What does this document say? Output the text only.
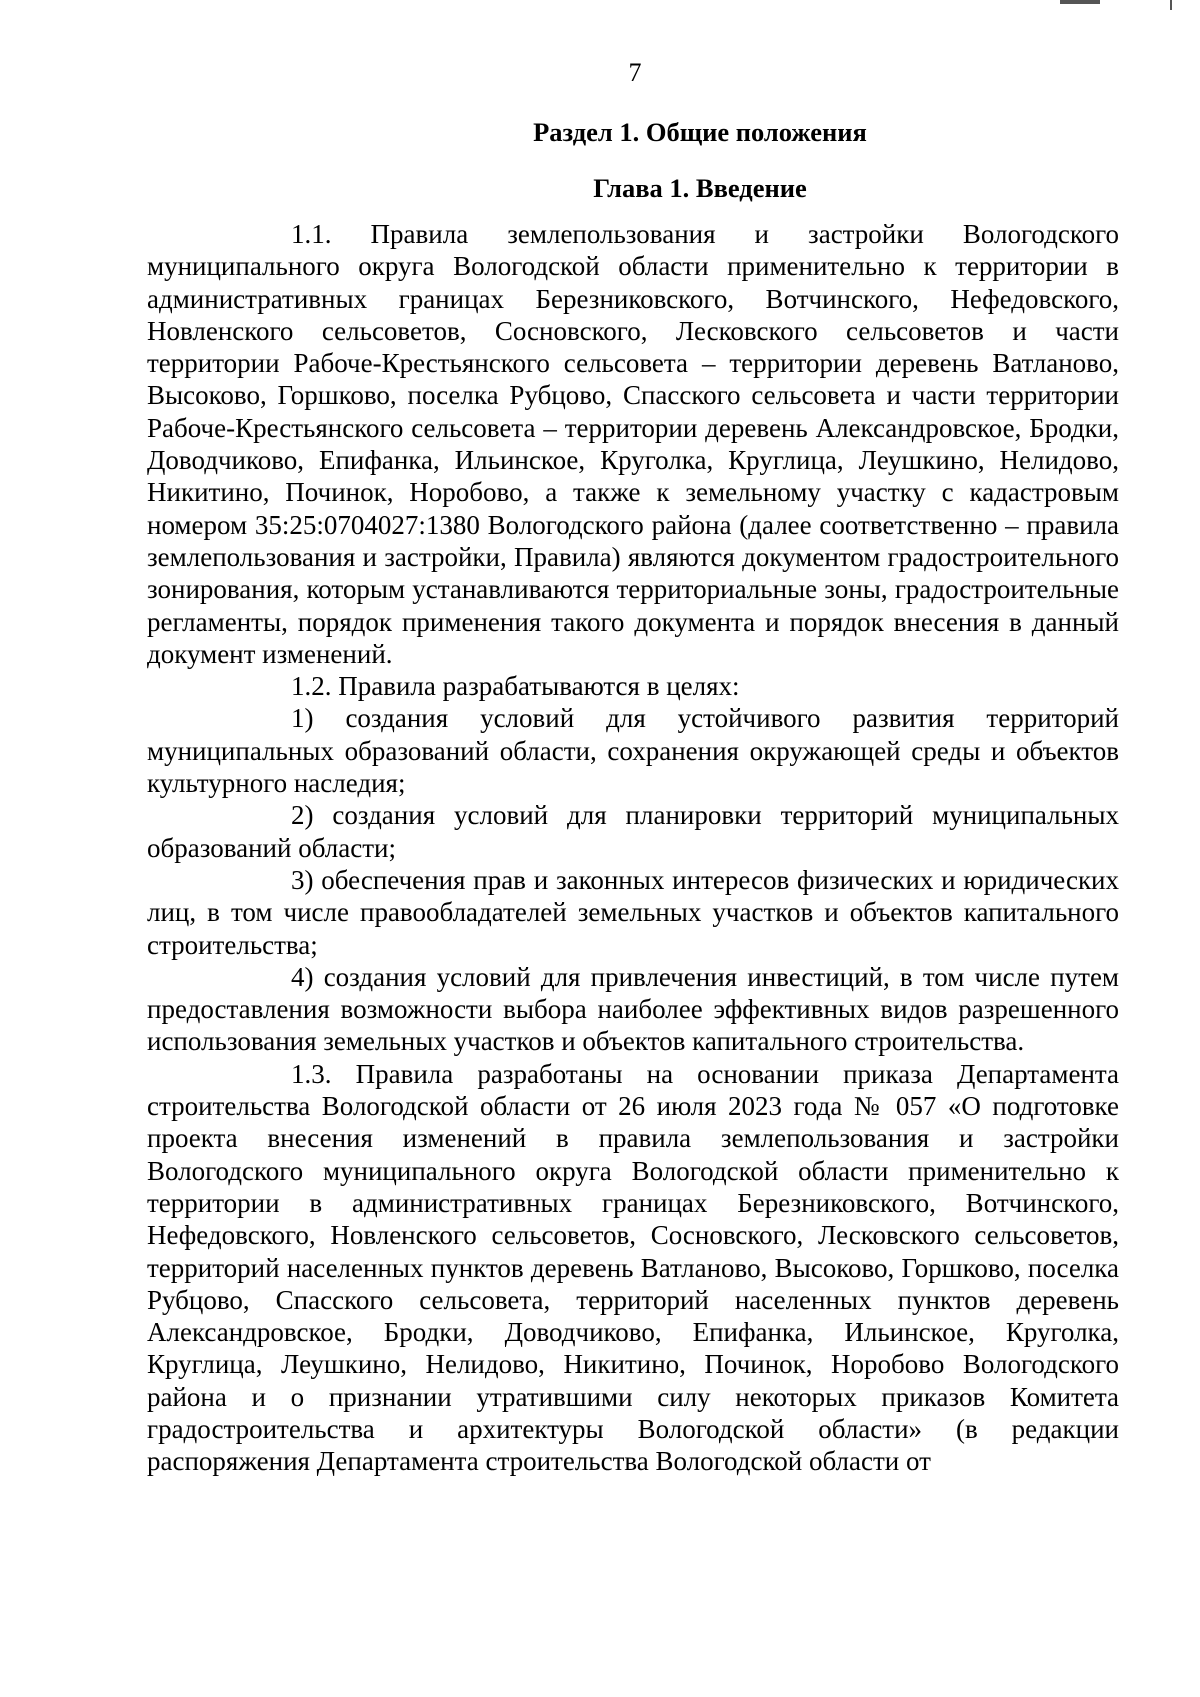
7
Раздел 1. Общие положения
Глава 1. Введение

1.1. Правила землепользования и застройки Вологодского муниципального округа Вологодской области применительно к территории в административных границах Березниковского, Вотчинского, Нефедовского, Новленского сельсоветов, Сосновского, Лесковского сельсоветов и части территории Рабоче-Крестьянского сельсовета – территории деревень Ватланово, Высоково, Горшково, поселка Рубцово, Спасского сельсовета и части территории Рабоче-Крестьянского сельсовета – территории деревень Александровское, Бродки, Доводчиково, Епифанка, Ильинское, Круголка, Круглица, Леушкино, Нелидово, Никитино, Починок, Норобово, а также к земельному участку с кадастровым номером 35:25:0704027:1380 Вологодского района (далее соответственно – правила землепользования и застройки, Правила) являются документом градостроительного зонирования, которым устанавливаются территориальные зоны, градостроительные регламенты, порядок применения такого документа и порядок внесения в данный документ изменений.

1.2. Правила разрабатываются в целях:

1) создания условий для устойчивого развития территорий муниципальных образований области, сохранения окружающей среды и объектов культурного наследия;

2) создания условий для планировки территорий муниципальных образований области;

3) обеспечения прав и законных интересов физических и юридических лиц, в том числе правообладателей земельных участков и объектов капитального строительства;

4) создания условий для привлечения инвестиций, в том числе путем предоставления возможности выбора наиболее эффективных видов разрешенного использования земельных участков и объектов капитального строительства.

1.3. Правила разработаны на основании приказа Департамента строительства Вологодской области от 26 июля 2023 года № 057 «О подготовке проекта внесения изменений в правила землепользования и застройки Вологодского муниципального округа Вологодской области применительно к территории в административных границах Березниковского, Вотчинского, Нефедовского, Новленского сельсоветов, Сосновского, Лесковского сельсоветов, территорий населенных пунктов деревень Ватланово, Высоково, Горшково, поселка Рубцово, Спасского сельсовета, территорий населенных пунктов деревень Александровское, Бродки, Доводчиково, Епифанка, Ильинское, Круголка, Круглица, Леушкино, Нелидово, Никитино, Починок, Норобово Вологодского района и о признании утратившими силу некоторых приказов Комитета градостроительства и архитектуры Вологодской области» (в редакции распоряжения Департамента строительства Вологодской области от
